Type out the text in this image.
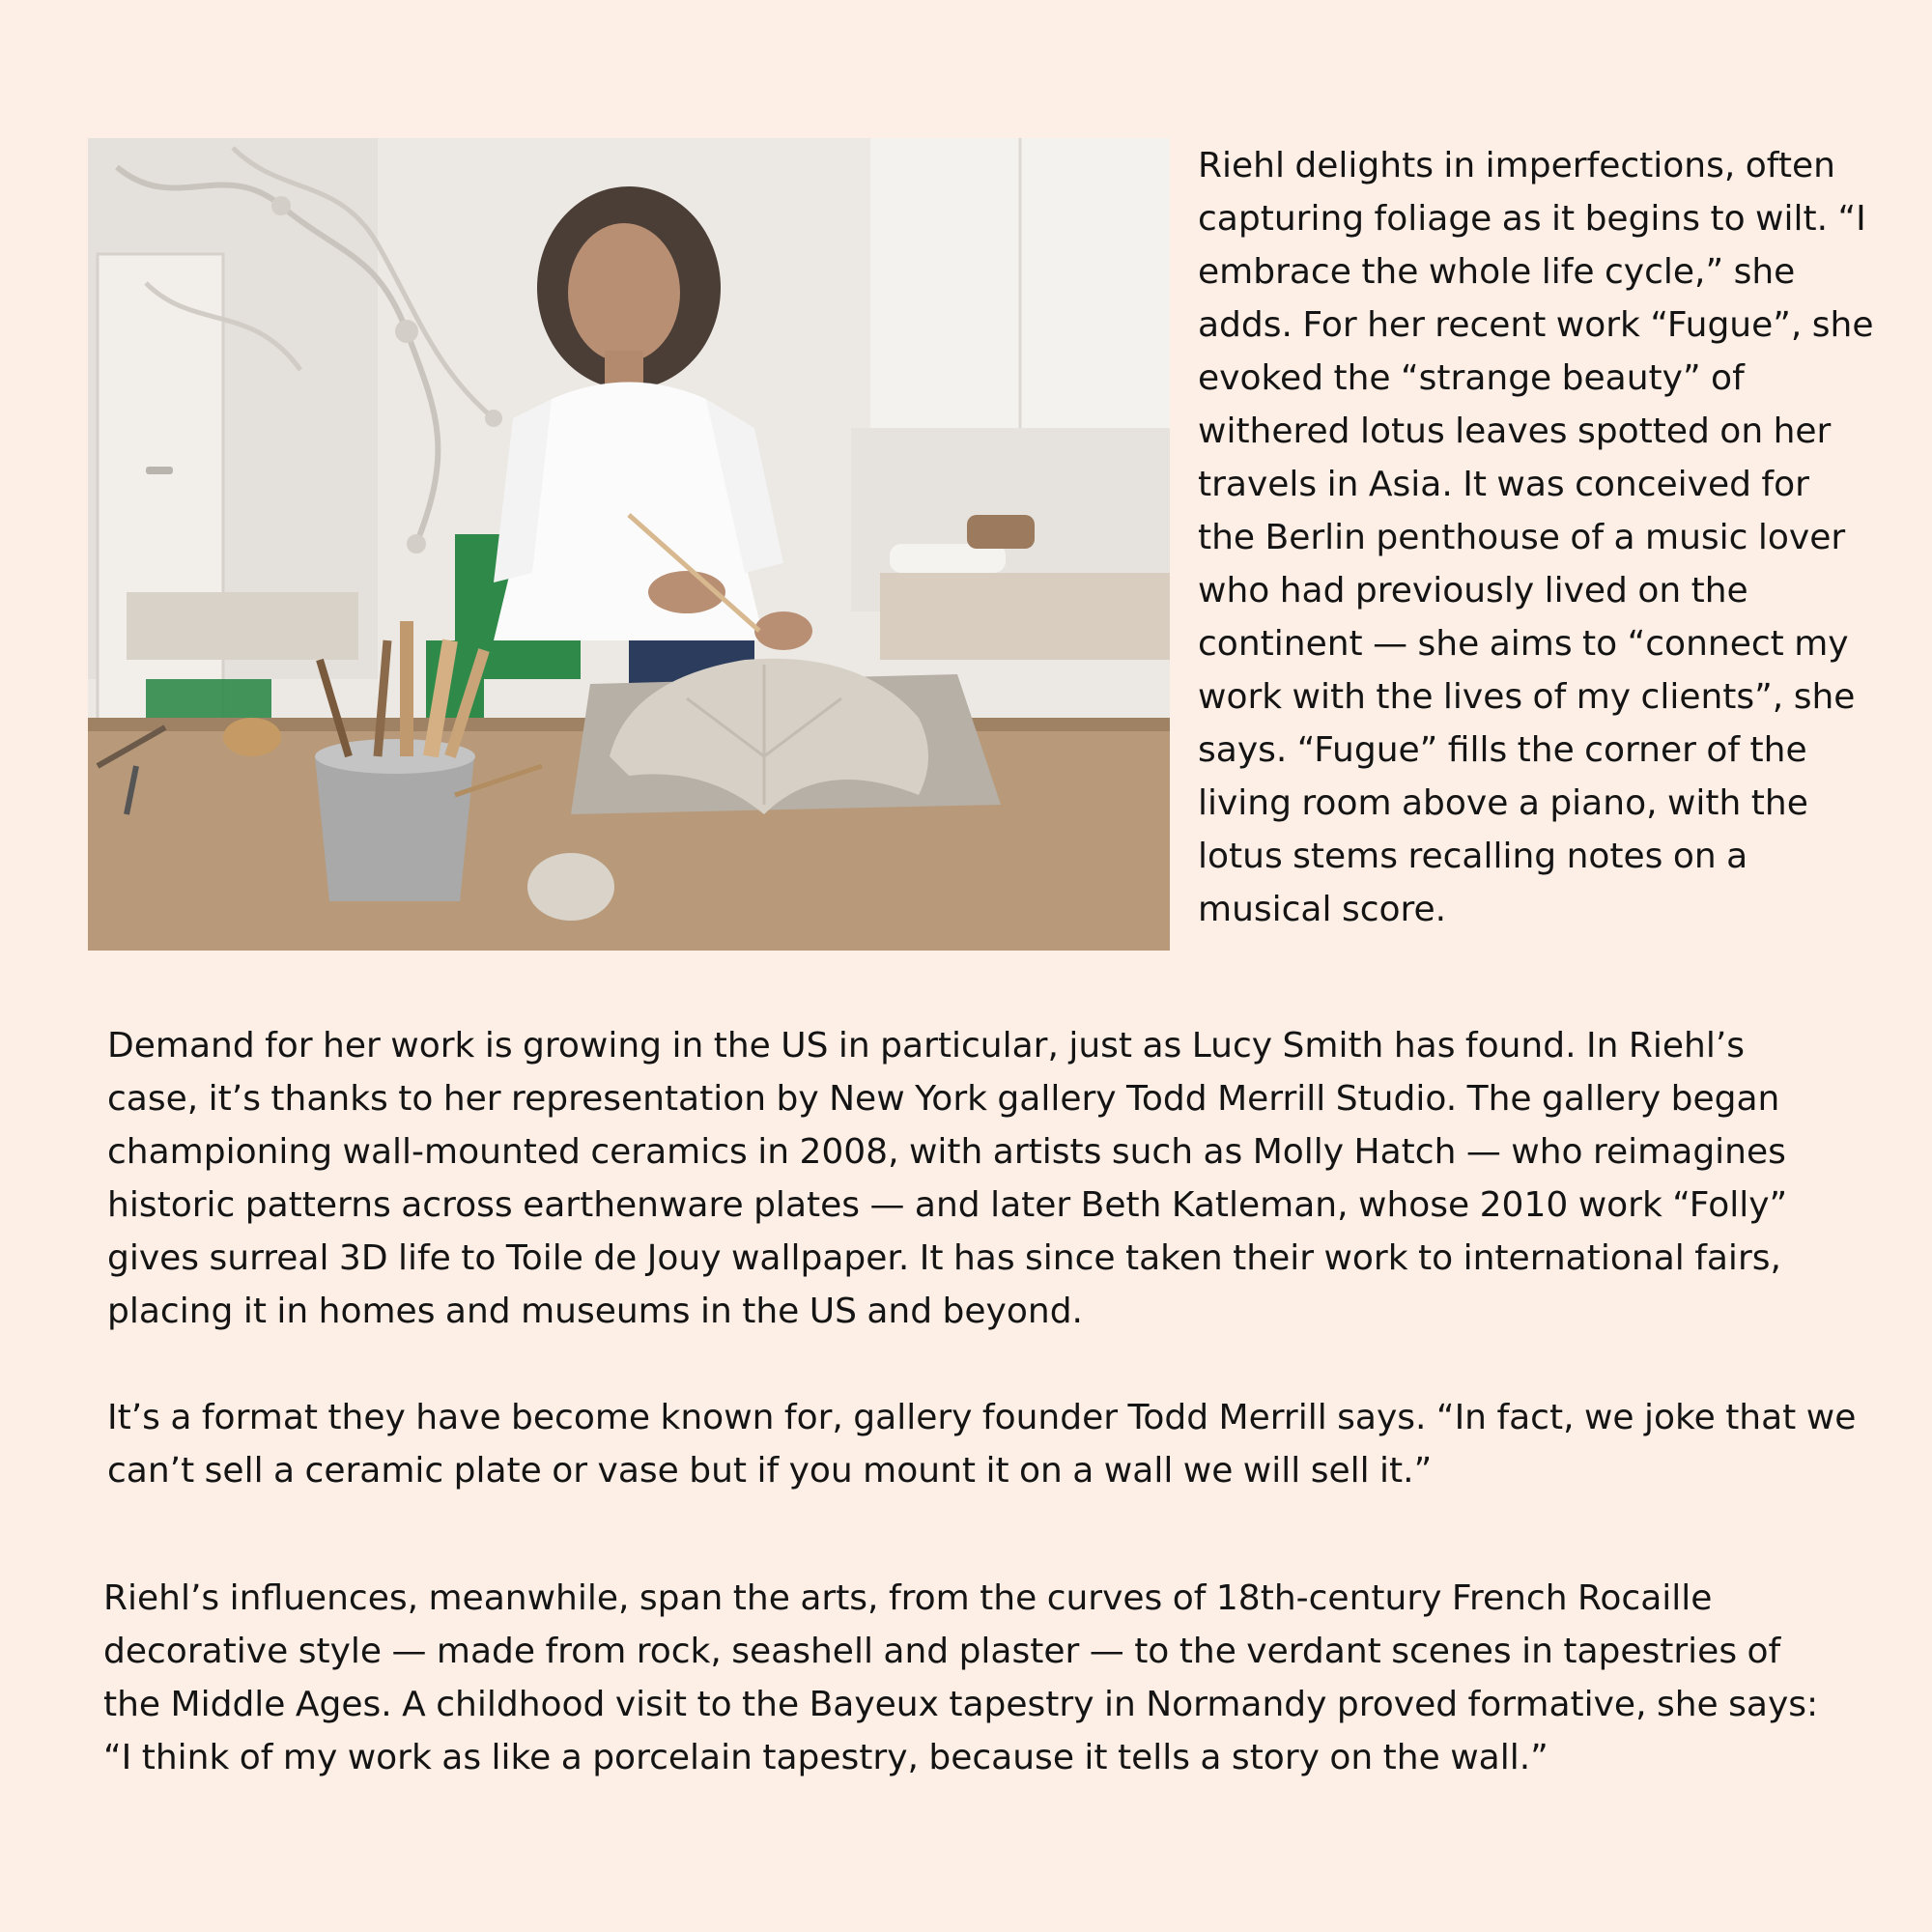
Riehl delights in imperfections, often capturing foliage as it begins to wilt. “I embrace the whole life cycle,” she adds. For her recent work “Fugue”, she evoked the “strange beauty” of withered lotus leaves spotted on her travels in Asia. It was conceived for the Berlin penthouse of a music lover who had previously lived on the continent — she aims to “connect my work with the lives of my clients”, she says. “Fugue” fills the corner of the living room above a piano, with the lotus stems recalling notes on a musical score.

Demand for her work is growing in the US in particular, just as Lucy Smith has found. In Riehl’s case, it’s thanks to her representation by New York gallery Todd Merrill Studio. The gallery began championing wall-mounted ceramics in 2008, with artists such as Molly Hatch — who reimagines historic patterns across earthenware plates — and later Beth Katleman, whose 2010 work “Folly” gives surreal 3D life to Toile de Jouy wallpaper. It has since taken their work to international fairs, placing it in homes and museums in the US and beyond.

It’s a format they have become known for, gallery founder Todd Merrill says. “In fact, we joke that we can’t sell a ceramic plate or vase but if you mount it on a wall we will sell it.”

Riehl’s influences, meanwhile, span the arts, from the curves of 18th-century French Rocaille decorative style — made from rock, seashell and plaster — to the verdant scenes in tapestries of the Middle Ages. A childhood visit to the Bayeux tapestry in Normandy proved formative, she says: “I think of my work as like a porcelain tapestry, because it tells a story on the wall.”
